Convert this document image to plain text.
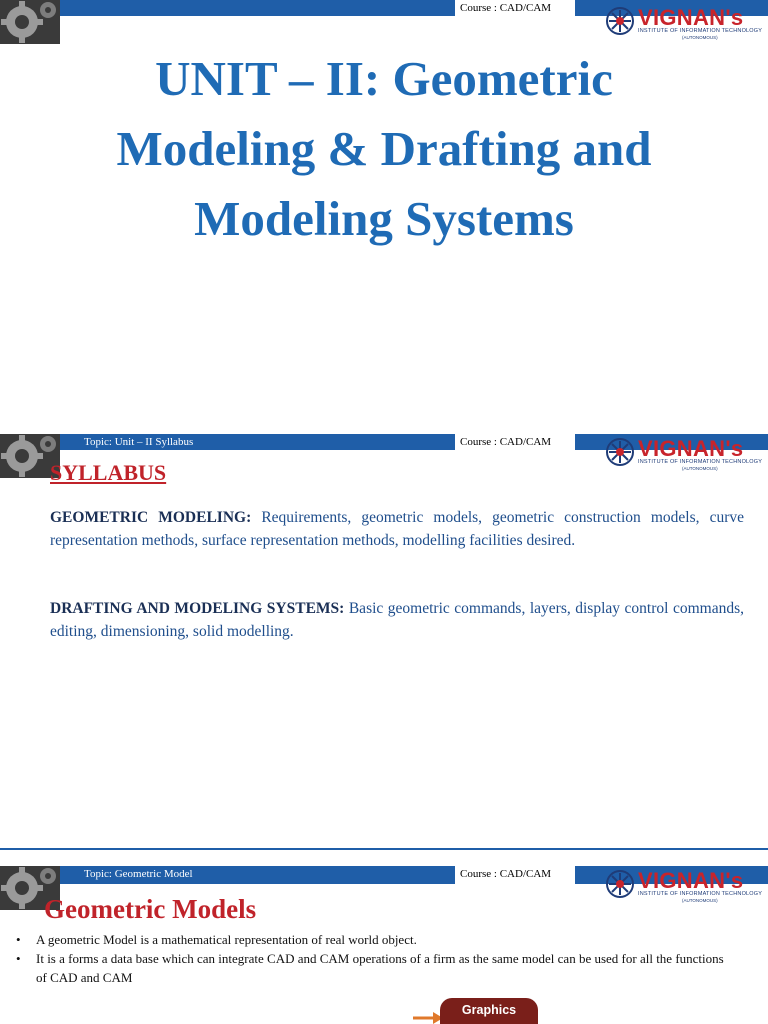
Course : CAD/CAM	VIGNAN's
INSTITUTE OF INFORMATION TECHNOLOGY
(AUTONOMOUS)
UNIT – II: Geometric
Modeling & Drafting and
Modeling Systems
Topic: Unit – II Syllabus	Course : CAD/CAM	VIGNAN's
INSTITUTE OF INFORMATION TECHNOLOGY
(AUTONOMOUS)
SYLLABUS

GEOMETRIC MODELING: Requirements, geometric models, geometric construction models, curve representation methods, surface representation methods, modelling facilities desired.

DRAFTING AND MODELING SYSTEMS: Basic geometric commands, layers, display control commands, editing, dimensioning, solid modelling.

Topic: Geometric Model	Course : CAD/CAM	VIGNAN's
INSTITUTE OF INFORMATION TECHNOLOGY
(AUTONOMOUS)
Geometric Models
• A geometric Model is a mathematical representation of real world object.
• It is a forms a data base which can integrate CAD and CAM operations of a firm as the same model can be used for all the functions of CAD and CAM
Graphics
